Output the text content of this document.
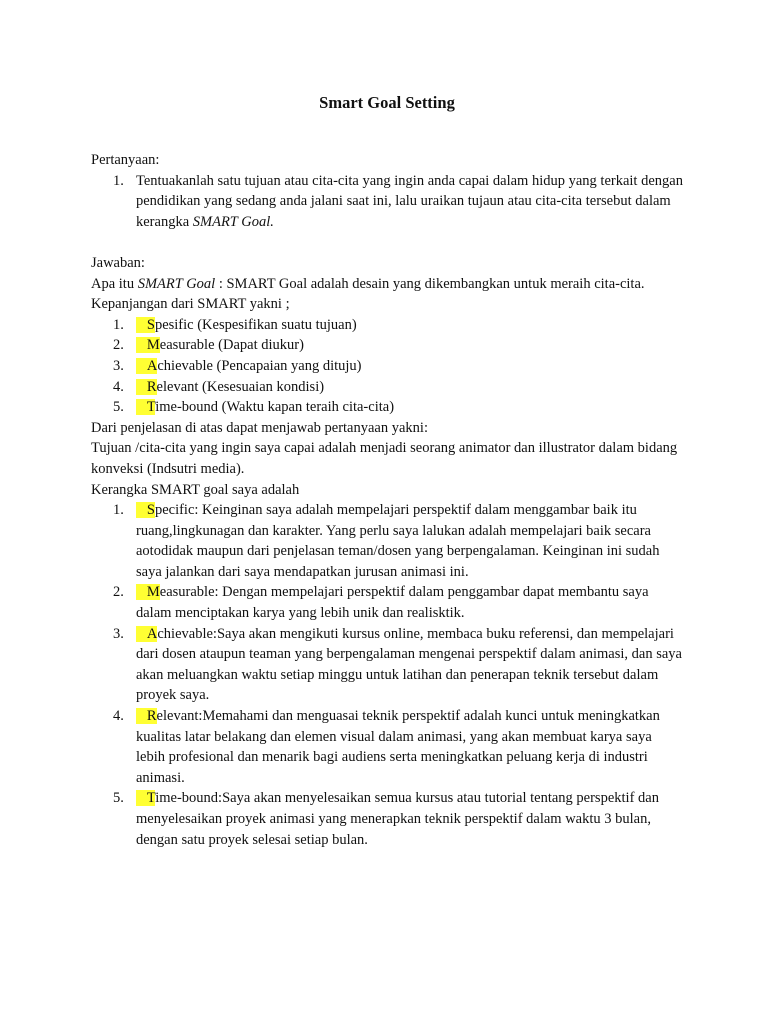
Smart Goal Setting

Pertanyaan:

1. Tentuakanlah satu tujuan atau cita-cita yang ingin anda capai dalam hidup yang terkait dengan pendidikan yang sedang anda jalani saat ini, lalu uraikan tujaun atau cita-cita tersebut dalam kerangka SMART Goal.

Jawaban:

Apa itu SMART Goal : SMART Goal adalah desain yang dikembangkan untuk meraih cita-cita.

Kepanjangan dari SMART yakni ;

1. Spesific (Kespesifikan suatu tujuan)
2. Measurable (Dapat diukur)
3. Achievable (Pencapaian yang dituju)
4. Relevant (Kesesuaian kondisi)
5. Time-bound (Waktu kapan teraih cita-cita)

Dari penjelasan di atas dapat menjawab pertanyaan yakni:

Tujuan /cita-cita yang ingin saya capai adalah menjadi seorang animator dan illustrator dalam bidang konveksi (Indsutri media).

Kerangka SMART goal saya adalah

1. Specific: Keinginan saya adalah mempelajari perspektif dalam menggambar baik itu ruang,lingkunagan dan karakter. Yang perlu saya lalukan adalah mempelajari baik secara aotodidak maupun dari penjelasan teman/dosen yang berpengalaman. Keinginan ini sudah saya jalankan dari saya mendapatkan jurusan animasi ini.
2. Measurable: Dengan mempelajari perspektif dalam penggambar dapat membantu saya dalam menciptakan karya yang lebih unik dan realisktik.
3. Achievable:Saya akan mengikuti kursus online, membaca buku referensi, dan mempelajari dari dosen ataupun teaman yang berpengalaman mengenai perspektif dalam animasi, dan saya akan meluangkan waktu setiap minggu untuk latihan dan penerapan teknik tersebut dalam proyek saya.
4. Relevant:Memahami dan menguasai teknik perspektif adalah kunci untuk meningkatkan kualitas latar belakang dan elemen visual dalam animasi, yang akan membuat karya saya lebih profesional dan menarik bagi audiens serta meningkatkan peluang kerja di industri animasi.
5. Time-bound:Saya akan menyelesaikan semua kursus atau tutorial tentang perspektif dan menyelesaikan proyek animasi yang menerapkan teknik perspektif dalam waktu 3 bulan, dengan satu proyek selesai setiap bulan.
